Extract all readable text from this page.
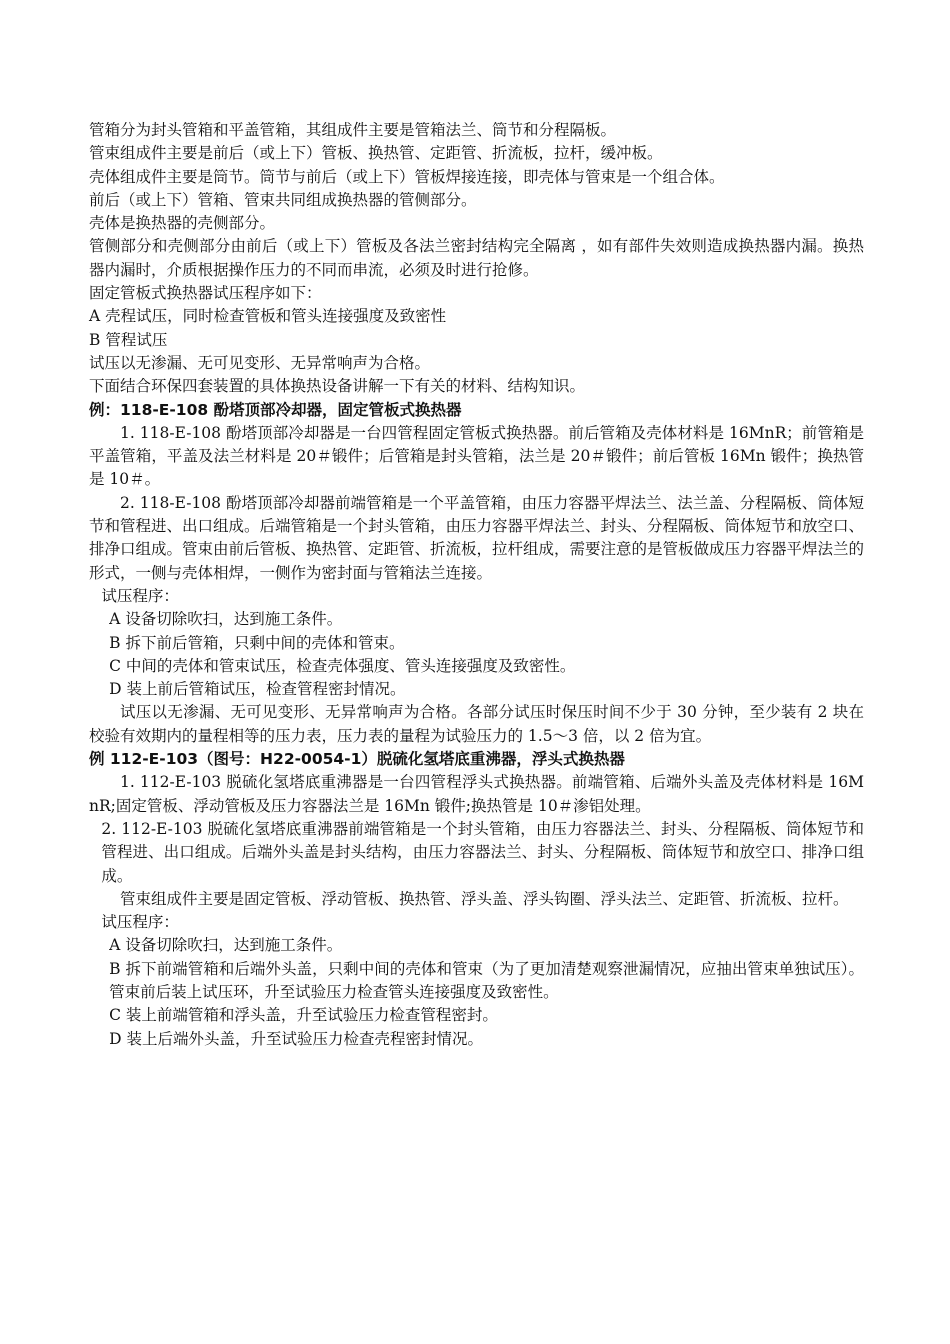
管箱分为封头管箱和平盖管箱，其组成件主要是管箱法兰、筒节和分程隔板。

管束组成件主要是前后（或上下）管板、换热管、定距管、折流板，拉杆，缓冲板。

壳体组成件主要是筒节。筒节与前后（或上下）管板焊接连接，即壳体与管束是一个组合体。

前后（或上下）管箱、管束共同组成换热器的管侧部分。

壳体是换热器的壳侧部分。

管侧部分和壳侧部分由前后（或上下）管板及各法兰密封结构完全隔离 ，如有部件失效则造成换热器内漏。换热器内漏时，介质根据操作压力的不同而串流，必须及时进行抢修。

固定管板式换热器试压程序如下：

A 壳程试压，同时检查管板和管头连接强度及致密性

B 管程试压

试压以无渗漏、无可见变形、无异常响声为合格。

下面结合环保四套装置的具体换热设备讲解一下有关的材料、结构知识。

例：118-E-108 酚塔顶部冷却器，固定管板式换热器

1. 118-E-108 酚塔顶部冷却器是一台四管程固定管板式换热器。前后管箱及壳体材料是 16MnR；前管箱是平盖管箱，平盖及法兰材料是 20＃锻件；后管箱是封头管箱，法兰是 20＃锻件；前后管板 16Mn 锻件；换热管是 10＃。

2. 118-E-108 酚塔顶部冷却器前端管箱是一个平盖管箱，由压力容器平焊法兰、法兰盖、分程隔板、筒体短节和管程进、出口组成。后端管箱是一个封头管箱，由压力容器平焊法兰、封头、分程隔板、筒体短节和放空口、排净口组成。管束由前后管板、换热管、定距管、折流板，拉杆组成，需要注意的是管板做成压力容器平焊法兰的形式，一侧与壳体相焊，一侧作为密封面与管箱法兰连接。

试压程序：

A 设备切除吹扫，达到施工条件。

B 拆下前后管箱，只剩中间的壳体和管束。

C 中间的壳体和管束试压，检查壳体强度、管头连接强度及致密性。

D 装上前后管箱试压，检查管程密封情况。

试压以无渗漏、无可见变形、无异常响声为合格。各部分试压时保压时间不少于 30 分钟，至少装有 2 块在校验有效期内的量程相等的压力表，压力表的量程为试验压力的 1.5～3 倍，以 2 倍为宜。

例 112-E-103（图号：H22-0054-1）脱硫化氢塔底重沸器，浮头式换热器

1. 112-E-103 脱硫化氢塔底重沸器是一台四管程浮头式换热器。前端管箱、后端外头盖及壳体材料是 16MnR;固定管板、浮动管板及压力容器法兰是 16Mn 锻件;换热管是 10＃渗铝处理。

2. 112-E-103 脱硫化氢塔底重沸器前端管箱是一个封头管箱，由压力容器法兰、封头、分程隔板、筒体短节和管程进、出口组成。后端外头盖是封头结构，由压力容器法兰、封头、分程隔板、筒体短节和放空口、排净口组成。

管束组成件主要是固定管板、浮动管板、换热管、浮头盖、浮头钩圈、浮头法兰、定距管、折流板、拉杆。

试压程序：

A 设备切除吹扫，达到施工条件。

B 拆下前端管箱和后端外头盖，只剩中间的壳体和管束（为了更加清楚观察泄漏情况，应抽出管束单独试压）。管束前后装上试压环，升至试验压力检查管头连接强度及致密性。

C 装上前端管箱和浮头盖，升至试验压力检查管程密封。

D 装上后端外头盖，升至试验压力检查壳程密封情况。
